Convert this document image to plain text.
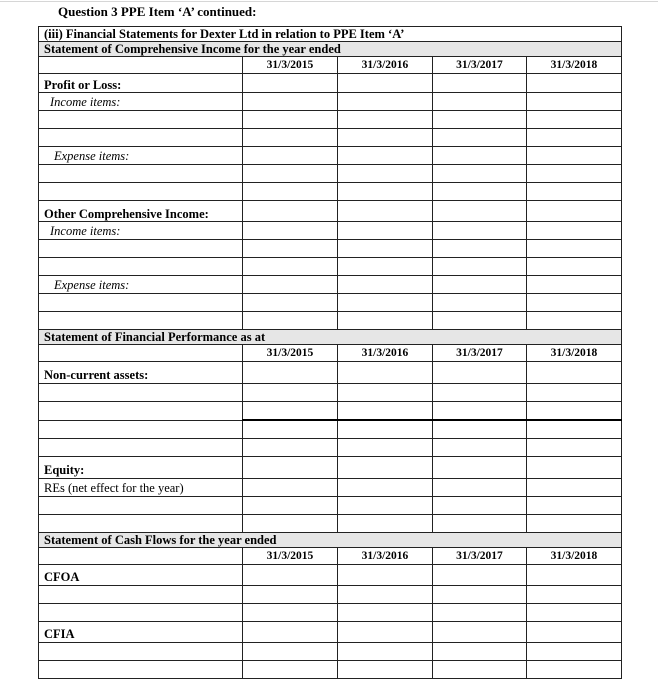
Question 3 PPE Item ‘A’ continued:
(iii) Financial Statements for Dexter Ltd in relation to PPE Item ‘A’				
Statement of Comprehensive Income for the year ended				
	31/3/2015	31/3/2016	31/3/2017	31/3/2018
Profit or Loss:				
Income items:				

Expense items:				

Other Comprehensive Income:				
Income items:				

Expense items:				

Statement of Financial Performance as at				
	31/3/2015	31/3/2016	31/3/2017	31/3/2018
Non-current assets:				

Equity:				
REs (net effect for the year)				

Statement of Cash Flows for the year ended				
	31/3/2015	31/3/2016	31/3/2017	31/3/2018
CFOA				

CFIA				
